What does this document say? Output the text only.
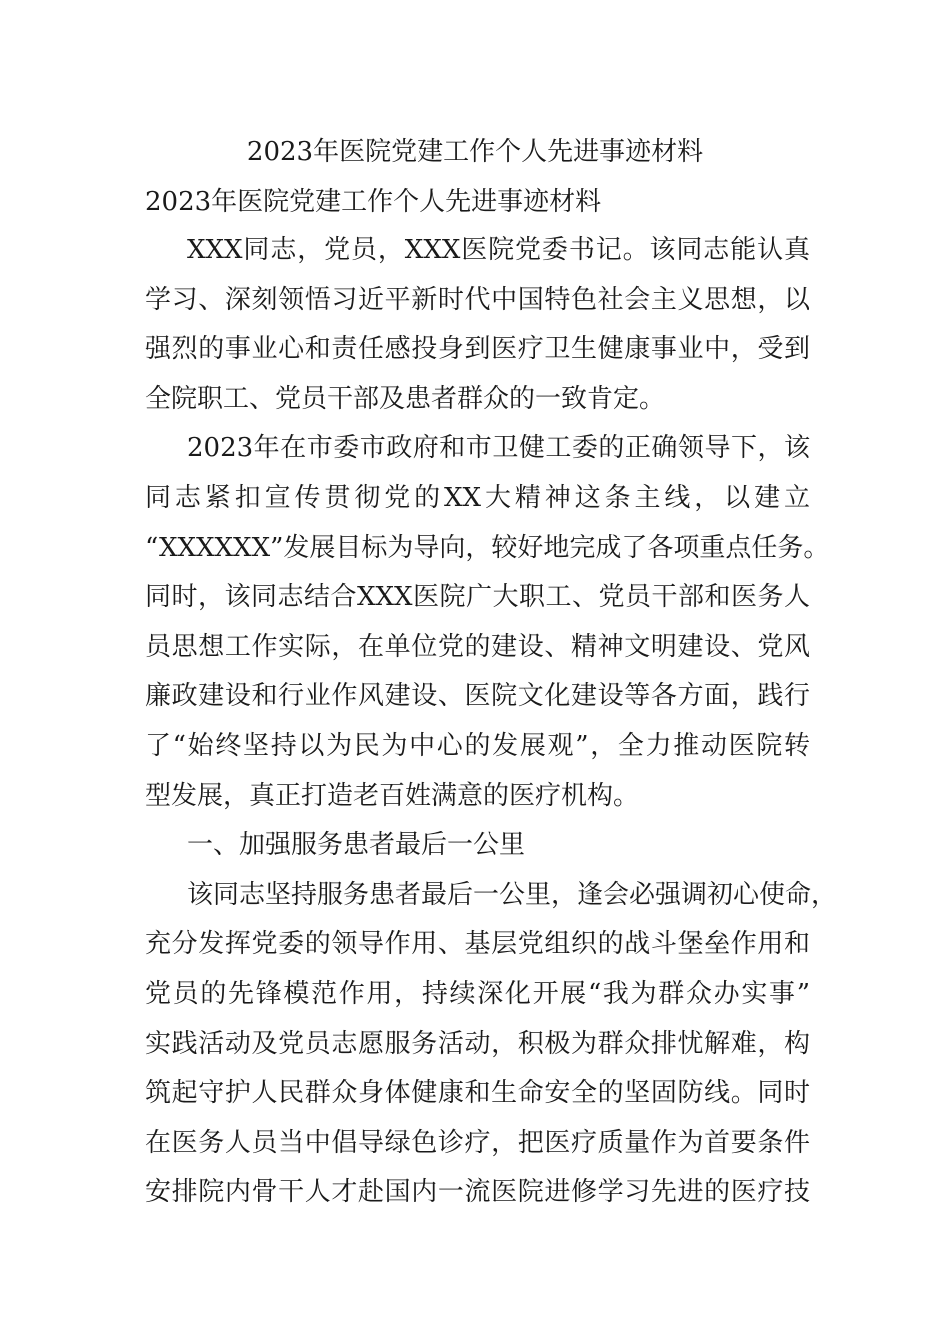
2023年医院党建工作个人先进事迹材料
2023年医院党建工作个人先进事迹材料
XXX同志，党员，XXX医院党委书记。该同志能认真
学习、深刻领悟习近平新时代中国特色社会主义思想，以
强烈的事业心和责任感投身到医疗卫生健康事业中，受到
全院职工、党员干部及患者群众的一致肯定。
2023年在市委市政府和市卫健工委的正确领导下，该
同志紧扣宣传贯彻党的XX大精神这条主线，以建立
“XXXXXX”发展目标为导向，较好地完成了各项重点任务。
同时，该同志结合XXX医院广大职工、党员干部和医务人
员思想工作实际，在单位党的建设、精神文明建设、党风
廉政建设和行业作风建设、医院文化建设等各方面，践行
了“始终坚持以为民为中心的发展观”，全力推动医院转
型发展，真正打造老百姓满意的医疗机构。
一、加强服务患者最后一公里
该同志坚持服务患者最后一公里，逢会必强调初心使命，
充分发挥党委的领导作用、基层党组织的战斗堡垒作用和
党员的先锋模范作用，持续深化开展“我为群众办实事”
实践活动及党员志愿服务活动，积极为群众排忧解难，构
筑起守护人民群众身体健康和生命安全的坚固防线。同时
在医务人员当中倡导绿色诊疗，把医疗质量作为首要条件
安排院内骨干人才赴国内一流医院进修学习先进的医疗技
